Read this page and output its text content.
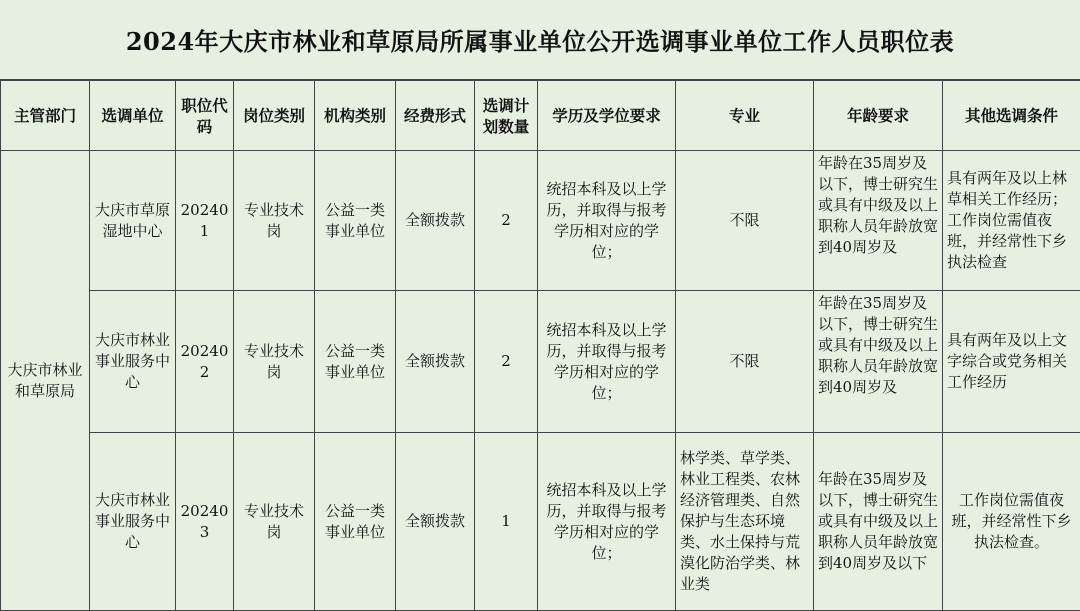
2024年大庆市林业和草原局所属事业单位公开选调事业单位工作人员职位表
主管部门	选调单位	职位代码	岗位类别	机构类别	经费形式	选调计划数量	学历及学位要求	专业	年龄要求	其他选调条件
大庆市林业和草原局	大庆市草原湿地中心	202401	专业技术岗	公益一类事业单位	全额拨款	2	统招本科及以上学历，并取得与报考学历相对应的学位；	不限	年龄在35周岁及以下，博士研究生或具有中级及以上职称人员年龄放宽到40周岁及	具有两年及以上林草相关工作经历；工作岗位需值夜班，并经常性下乡执法检查
	大庆市林业事业服务中心	202402	专业技术岗	公益一类事业单位	全额拨款	2	统招本科及以上学历，并取得与报考学历相对应的学位；	不限	年龄在35周岁及以下，博士研究生或具有中级及以上职称人员年龄放宽到40周岁及	具有两年及以上文字综合或党务相关工作经历
	大庆市林业事业服务中心	202403	专业技术岗	公益一类事业单位	全额拨款	1	统招本科及以上学历，并取得与报考学历相对应的学位；	林学类、草学类、林业工程类、农林经济管理类、自然保护与生态环境类、水土保持与荒漠化防治学类、林业类	年龄在35周岁及以下，博士研究生或具有中级及以上职称人员年龄放宽到40周岁及以下	工作岗位需值夜班，并经常性下乡执法检查。
